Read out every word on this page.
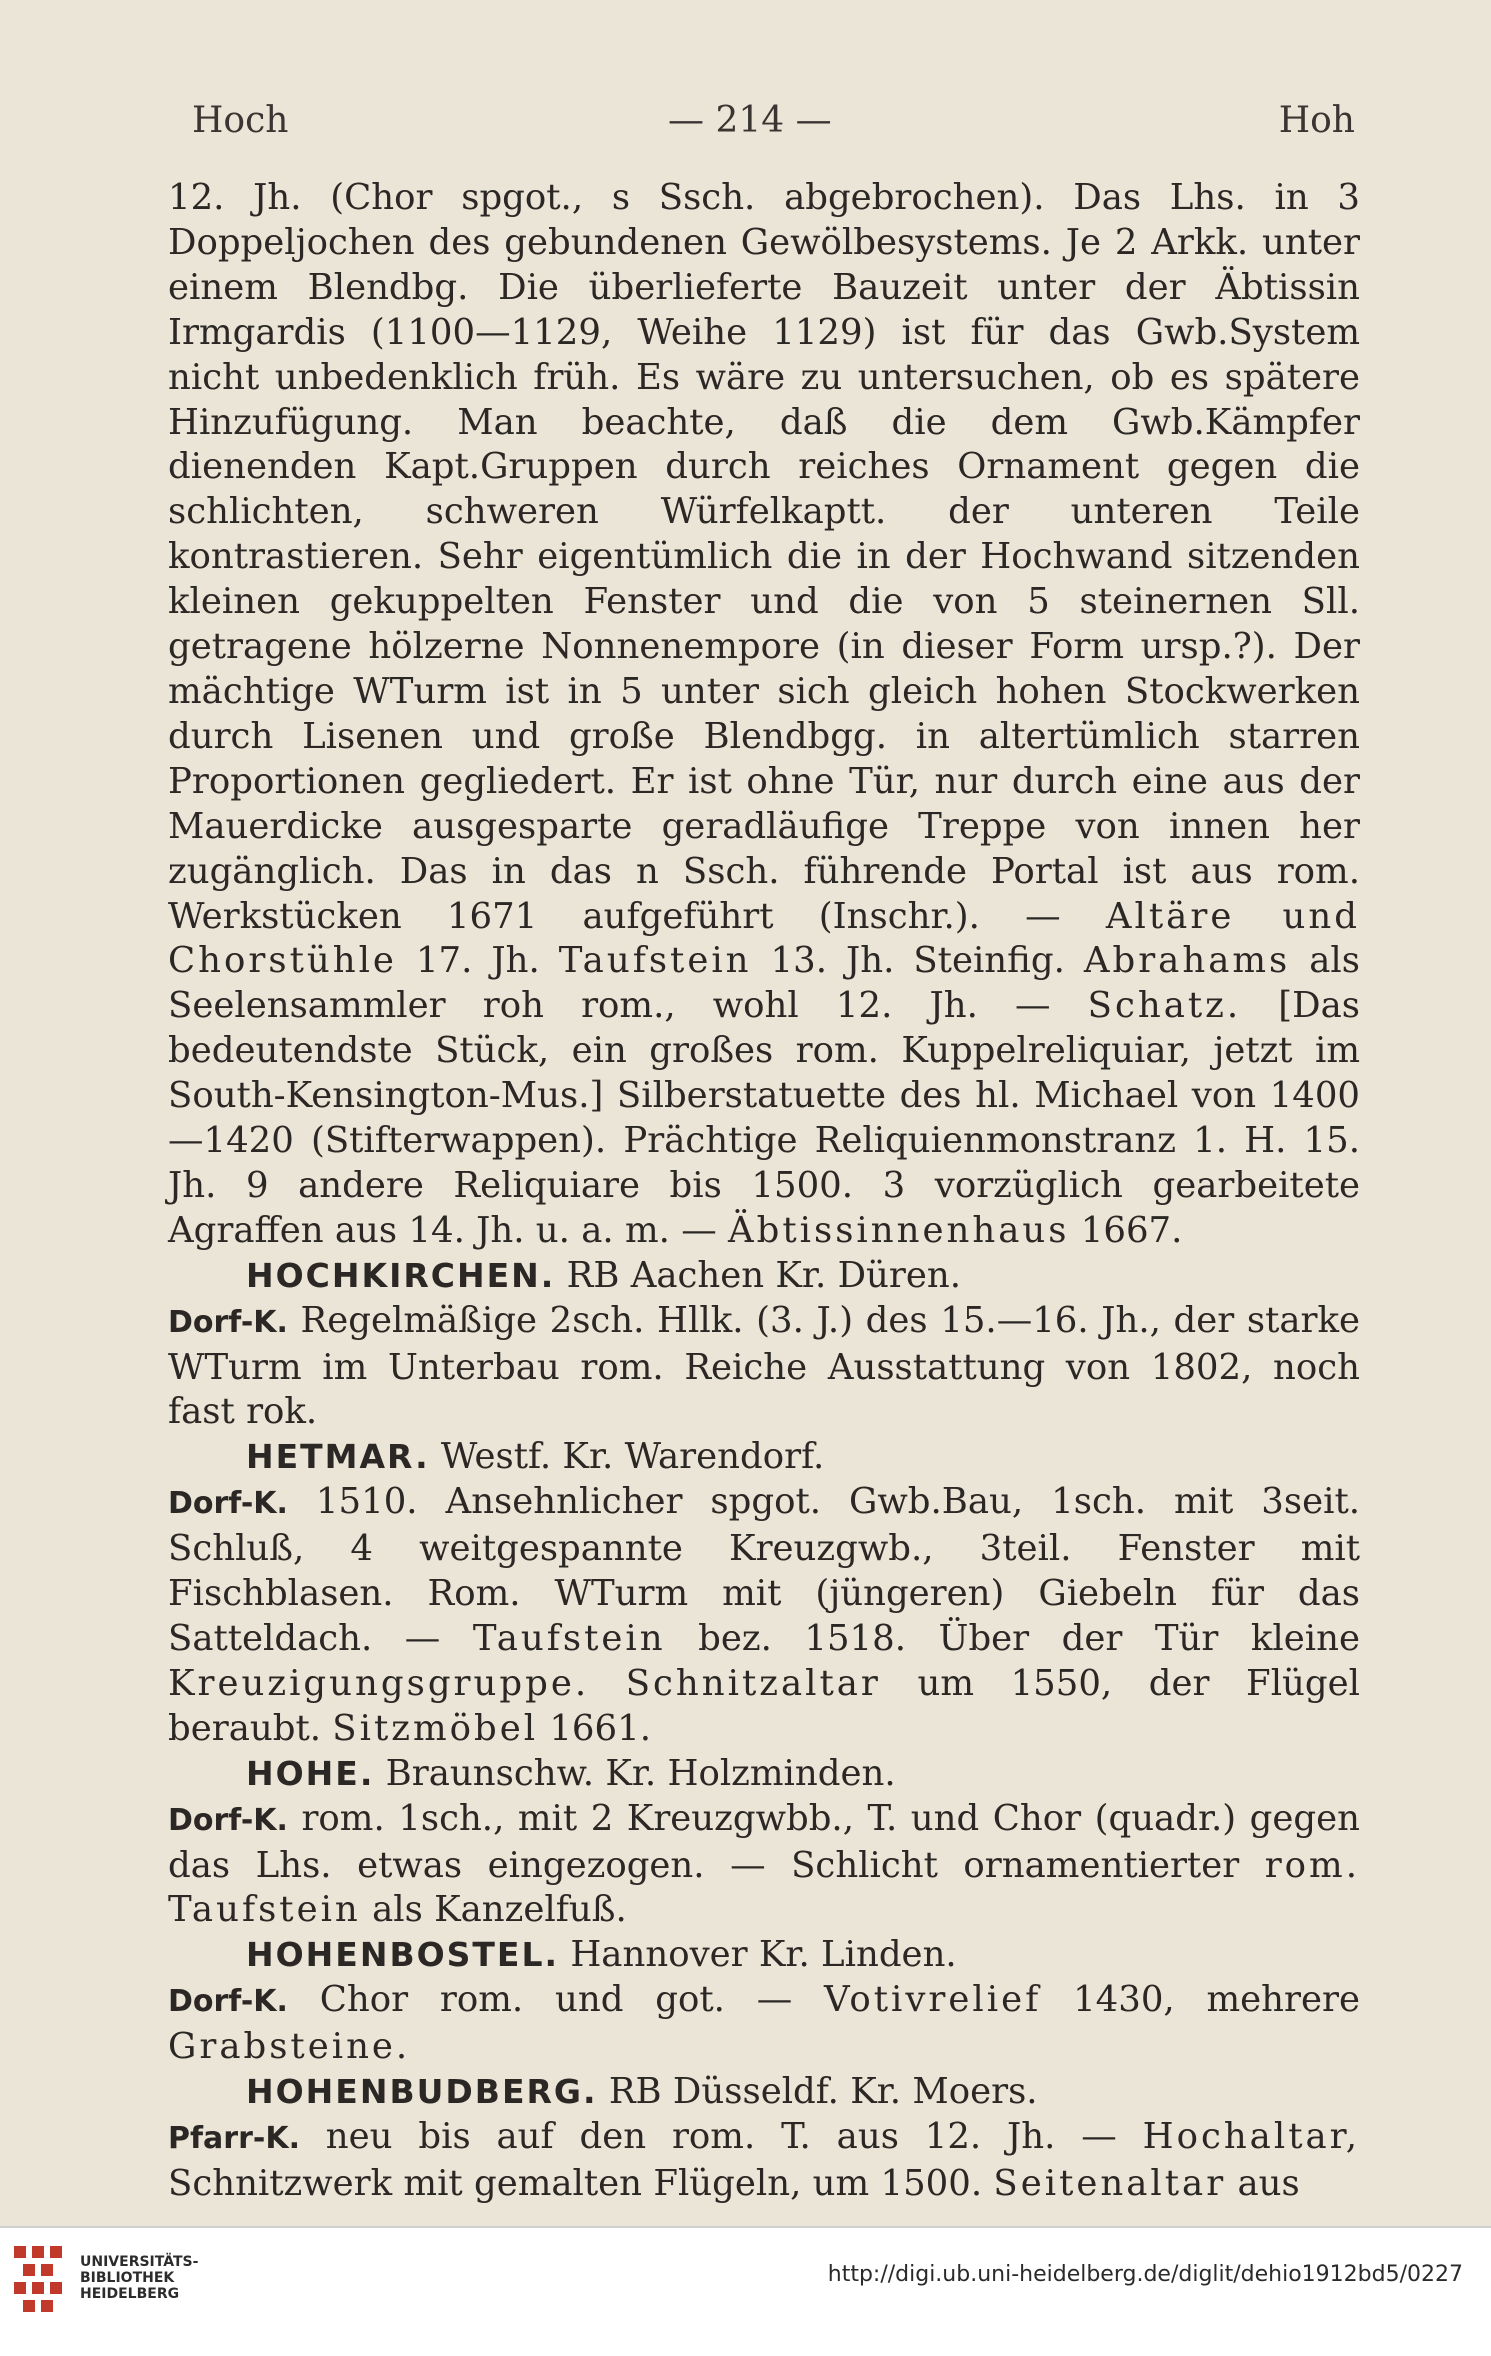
Hoch	— 214 —	Hoh

12. Jh. (Chor spgot., s Ssch. abgebrochen). Das Lhs. in 3 Doppeljochen des gebundenen Gewölbesystems. Je 2 Arkk. unter einem Blendbg. Die überlieferte Bauzeit unter der Äbtissin Irmgardis (1100—1129, Weihe 1129) ist für das Gwb.System nicht unbedenklich früh. Es wäre zu untersuchen, ob es spätere Hinzufügung. Man beachte, daß die dem Gwb.Kämpfer dienenden Kapt.Gruppen durch reiches Ornament gegen die schlichten, schweren Würfelkaptt. der unteren Teile kontrastieren. Sehr eigentümlich die in der Hochwand sitzenden kleinen gekuppelten Fenster und die von 5 steinernen Sll. getragene hölzerne Nonnenempore (in dieser Form ursp.?). Der mächtige WTurm ist in 5 unter sich gleich hohen Stockwerken durch Lisenen und große Blendbgg. in altertümlich starren Proportionen gegliedert. Er ist ohne Tür, nur durch eine aus der Mauerdicke ausgesparte geradläufige Treppe von innen her zugänglich. Das in das n Ssch. führende Portal ist aus rom. Werkstücken 1671 aufgeführt (Inschr.). — Altäre und Chorstühle 17. Jh. Taufstein 13. Jh. Steinfig. Abrahams als Seelensammler roh rom., wohl 12. Jh. — Schatz. [Das bedeutendste Stück, ein großes rom. Kuppelreliquiar, jetzt im South-Kensington-Mus.] Silberstatuette des hl. Michael von 1400—1420 (Stifterwappen). Prächtige Reliquienmonstranz 1. H. 15. Jh. 9 andere Reliquiare bis 1500. 3 vorzüglich gearbeitete Agraffen aus 14. Jh. u. a. m. — Äbtissinnenhaus 1667.

HOCHKIRCHEN. RB Aachen Kr. Düren.

Dorf-K. Regelmäßige 2sch. Hllk. (3. J.) des 15.—16. Jh., der starke WTurm im Unterbau rom. Reiche Ausstattung von 1802, noch fast rok.

HETMAR. Westf. Kr. Warendorf.

Dorf-K. 1510. Ansehnlicher spgot. Gwb.Bau, 1sch. mit 3seit. Schluß, 4 weitgespannte Kreuzgwb., 3teil. Fenster mit Fischblasen. Rom. WTurm mit (jüngeren) Giebeln für das Satteldach. — Taufstein bez. 1518. Über der Tür kleine Kreuzigungsgruppe. Schnitzaltar um 1550, der Flügel beraubt. Sitzmöbel 1661.

HOHE. Braunschw. Kr. Holzminden.

Dorf-K. rom. 1sch., mit 2 Kreuzgwbb., T. und Chor (quadr.) gegen das Lhs. etwas eingezogen. — Schlicht ornamentierter rom. Taufstein als Kanzelfuß.

HOHENBOSTEL. Hannover Kr. Linden.

Dorf-K. Chor rom. und got. — Votivrelief 1430, mehrere Grabsteine.

HOHENBUDBERG. RB Düsseldf. Kr. Moers.

Pfarr-K. neu bis auf den rom. T. aus 12. Jh. — Hochaltar, Schnitzwerk mit gemalten Flügeln, um 1500. Seitenaltar aus

UNIVERSITÄTS-
BIBLIOTHEK
HEIDELBERG
http://digi.ub.uni-heidelberg.de/diglit/dehio1912bd5/0227
